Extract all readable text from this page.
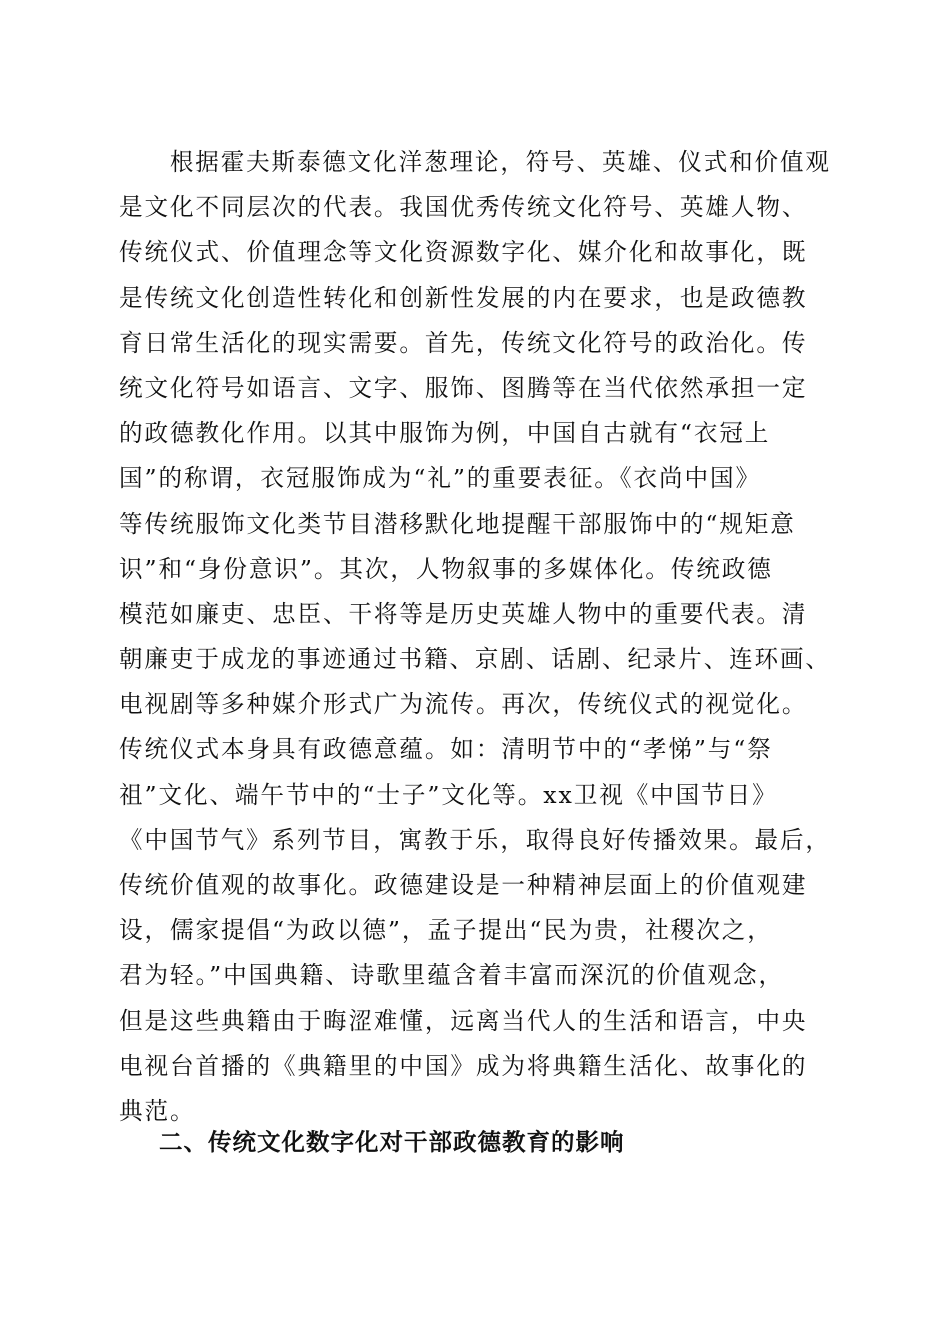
　　根据霍夫斯泰德文化洋葱理论，符号、英雄、仪式和价值观
是文化不同层次的代表。我国优秀传统文化符号、英雄人物、
传统仪式、价值理念等文化资源数字化、媒介化和故事化，既
是传统文化创造性转化和创新性发展的内在要求，也是政德教
育日常生活化的现实需要。首先，传统文化符号的政治化。传
统文化符号如语言、文字、服饰、图腾等在当代依然承担一定
的政德教化作用。以其中服饰为例，中国自古就有“衣冠上
国”的称谓，衣冠服饰成为“礼”的重要表征。《衣尚中国》
等传统服饰文化类节目潜移默化地提醒干部服饰中的“规矩意
识”和“身份意识”。其次，人物叙事的多媒体化。传统政德
模范如廉吏、忠臣、干将等是历史英雄人物中的重要代表。清
朝廉吏于成龙的事迹通过书籍、京剧、话剧、纪录片、连环画、
电视剧等多种媒介形式广为流传。再次，传统仪式的视觉化。
传统仪式本身具有政德意蕴。如：清明节中的“孝悌”与“祭
祖”文化、端午节中的“士子”文化等。xx卫视《中国节日》
《中国节气》系列节目，寓教于乐，取得良好传播效果。最后，
传统价值观的故事化。政德建设是一种精神层面上的价值观建
设，儒家提倡“为政以德”，孟子提出“民为贵，社稷次之，
君为轻。”中国典籍、诗歌里蕴含着丰富而深沉的价值观念，
但是这些典籍由于晦涩难懂，远离当代人的生活和语言，中央
电视台首播的《典籍里的中国》成为将典籍生活化、故事化的
典范。
二、传统文化数字化对干部政德教育的影响
